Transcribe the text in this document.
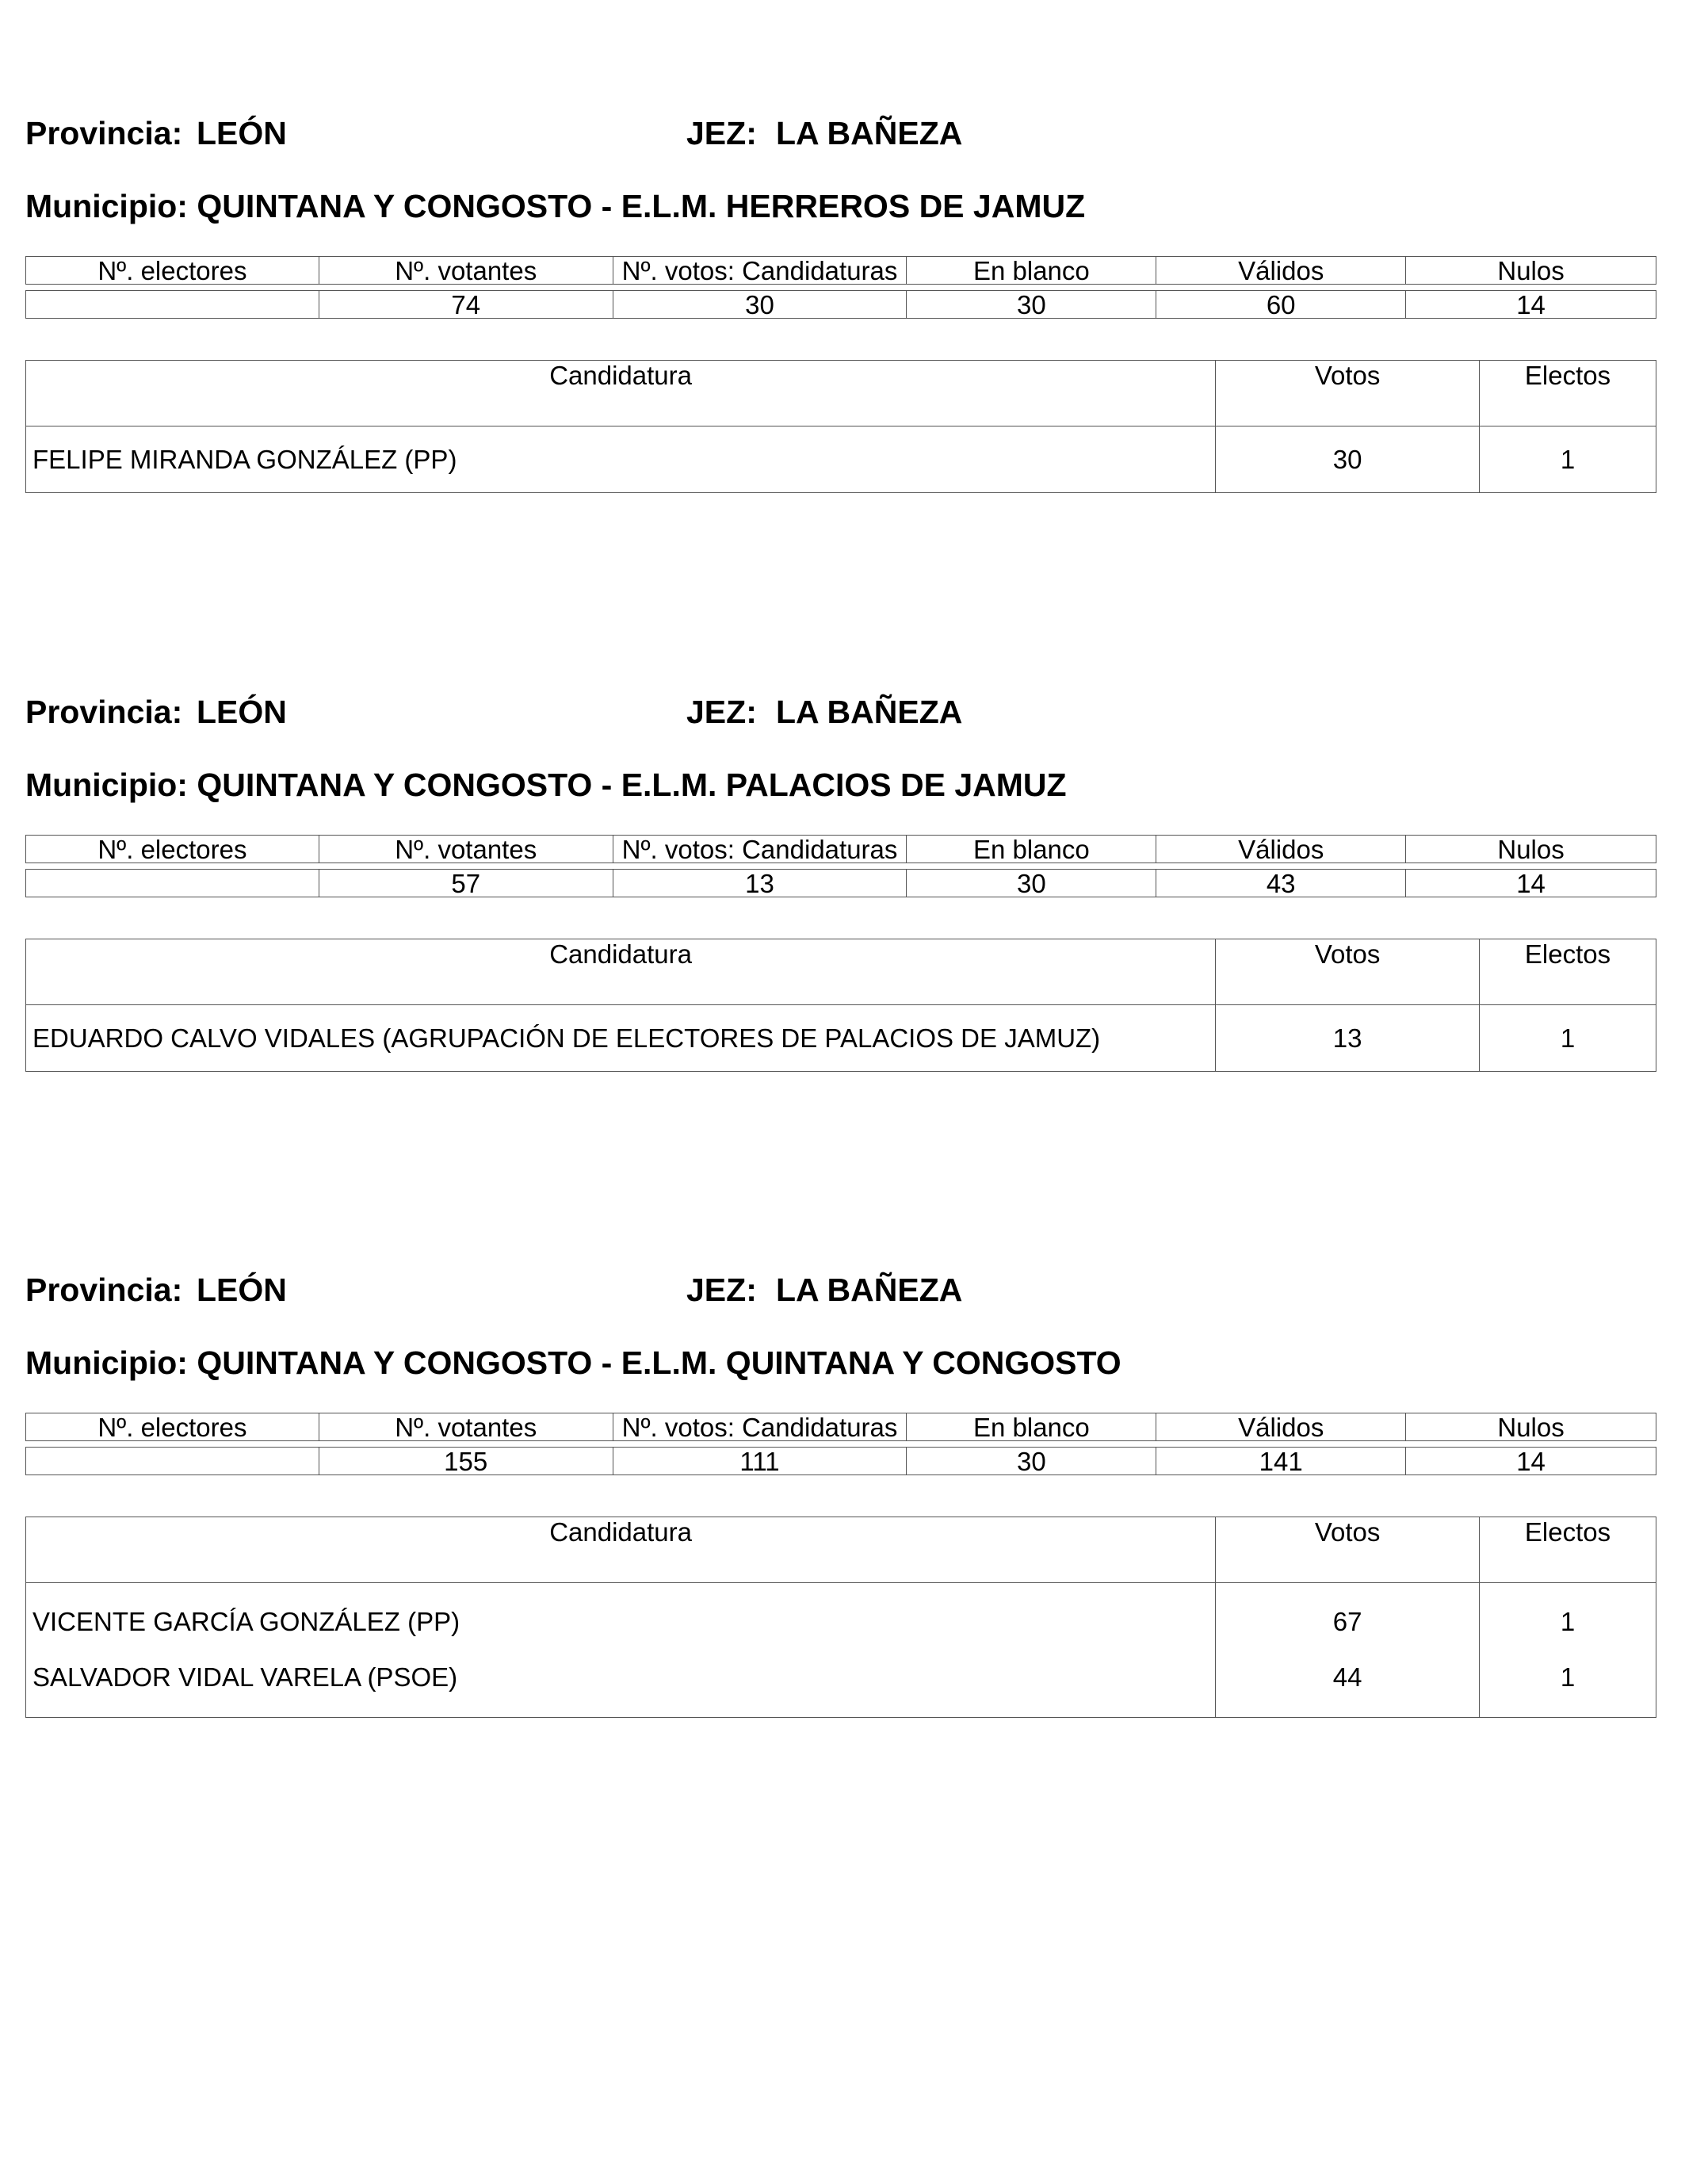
Provincia: LEÓN	JEZ: LA BAÑEZA
Municipio: QUINTANA Y CONGOSTO - E.L.M. HERREROS DE JAMUZ
Nº. electores	Nº. votantes	Nº. votos: Candidaturas	En blanco	Válidos	Nulos
	74	30	30	60	14
Candidatura	Votos	Electos
FELIPE MIRANDA GONZÁLEZ (PP)	30	1
Provincia: LEÓN	JEZ: LA BAÑEZA
Municipio: QUINTANA Y CONGOSTO - E.L.M. PALACIOS DE JAMUZ
Nº. electores	Nº. votantes	Nº. votos: Candidaturas	En blanco	Válidos	Nulos
	57	13	30	43	14
Candidatura	Votos	Electos
EDUARDO CALVO VIDALES (AGRUPACIÓN DE ELECTORES DE PALACIOS DE JAMUZ)	13	1
Provincia: LEÓN	JEZ: LA BAÑEZA
Municipio: QUINTANA Y CONGOSTO - E.L.M. QUINTANA Y CONGOSTO
Nº. electores	Nº. votantes	Nº. votos: Candidaturas	En blanco	Válidos	Nulos
	155	111	30	141	14
Candidatura	Votos	Electos
VICENTE GARCÍA GONZÁLEZ (PP)	67	1
SALVADOR VIDAL VARELA (PSOE)	44	1
